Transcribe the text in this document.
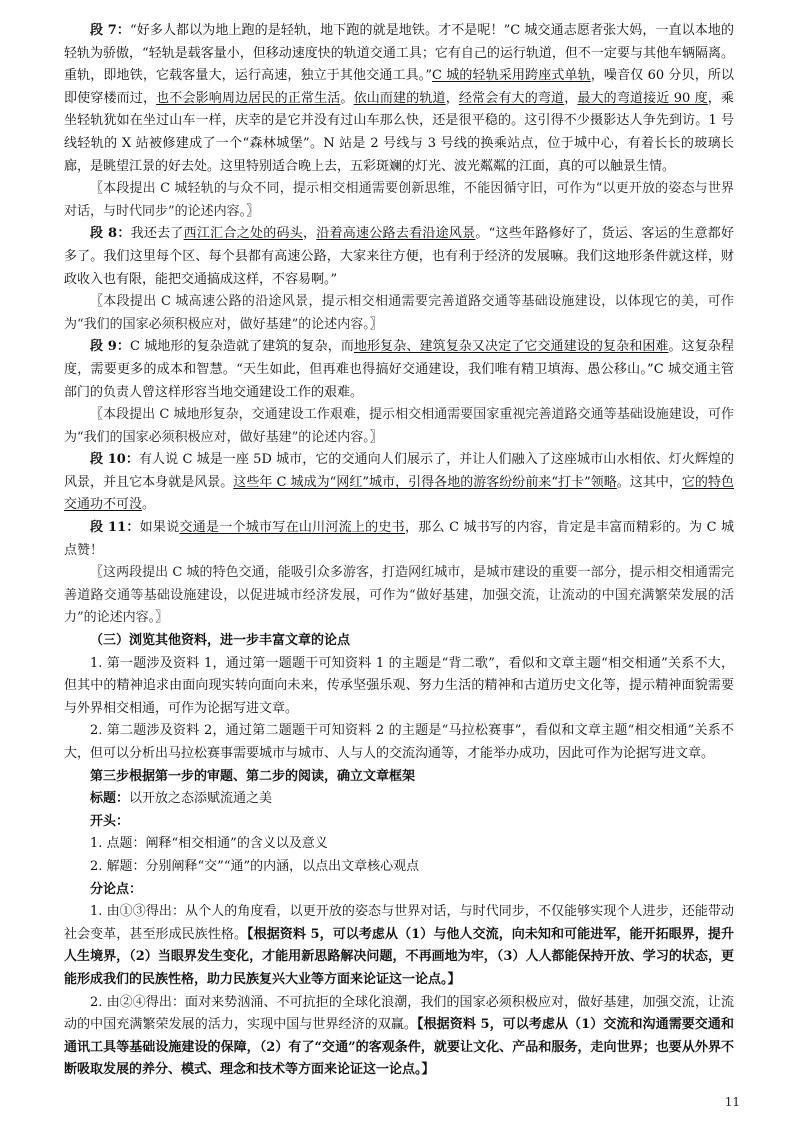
段 7：“好多人都以为地上跑的是轻轨，地下跑的就是地铁。才不是呢！”C 城交通志愿者张大妈，一直以本地的轻轨为骄傲，“轻轨是载客量小，但移动速度快的轨道交通工具；它有自己的运行轨道，但不一定要与其他车辆隔离。重轨，即地铁，它载客量大，运行高速，独立于其他交通工具。”C 城的轻轨采用跨座式单轨，噪音仅 60 分贝，所以即使穿楼而过，也不会影响周边居民的正常生活。依山而建的轨道，经常会有大的弯道，最大的弯道接近 90 度，乘坐轻轨犹如在坐过山车一样，庆幸的是它并没有过山车那么快，还是很平稳的。这引得不少摄影达人争先到访。1 号线轻轨的 X 站被修建成了一个“森林城堡”。N 站是 2 号线与 3 号线的换乘站点，位于城中心，有着长长的玻璃长廊，是眺望江景的好去处。这里特别适合晚上去，五彩斑斓的灯光、波光粼粼的江面，真的可以触景生情。

〖本段提出 C 城轻轨的与众不同，提示相交相通需要创新思维，不能因循守旧，可作为“以更开放的姿态与世界对话，与时代同步”的论述内容。〗

段 8：我还去了西江汇合之处的码头，沿着高速公路去看沿途风景。“这些年路修好了，货运、客运的生意都好多了。我们这里每个区、每个县都有高速公路，大家来往方便，也有利于经济的发展嘛。我们这地形条件就这样，财政收入也有限，能把交通搞成这样，不容易啊。”

〖本段提出 C 城高速公路的沿途风景，提示相交相通需要完善道路交通等基础设施建设，以体现它的美，可作为“我们的国家必须积极应对，做好基建”的论述内容。〗

段 9：C 城地形的复杂造就了建筑的复杂，而地形复杂、建筑复杂又决定了它交通建设的复杂和困难。这复杂程度，需要更多的成本和智慧。“天生如此，但再难也得搞好交通建设，我们唯有精卫填海、愚公移山。”C 城交通主管部门的负责人曾这样形容当地交通建设工作的艰难。

〖本段提出 C 城地形复杂，交通建设工作艰难，提示相交相通需要国家重视完善道路交通等基础设施建设，可作为“我们的国家必须积极应对，做好基建”的论述内容。〗

段 10：有人说 C 城是一座 5D 城市，它的交通向人们展示了，并让人们融入了这座城市山水相依、灯火辉煌的风景，并且它本身就是风景。这些年 C 城成为“网红”城市，引得各地的游客纷纷前来“打卡”领略。这其中，它的特色交通功不可没。

段 11：如果说交通是一个城市写在山川河流上的史书，那么 C 城书写的内容，肯定是丰富而精彩的。为 C 城点赞！

〖这两段提出 C 城的特色交通，能吸引众多游客，打造网红城市，是城市建设的重要一部分，提示相交相通需完善道路交通等基础设施建设，以促进城市经济发展，可作为“做好基建，加强交流，让流动的中国充满繁荣发展的活力”的论述内容。〗

（三）浏览其他资料，进一步丰富文章的论点

1. 第一题涉及资料 1，通过第一题题干可知资料 1 的主题是“背二歌”，看似和文章主题“相交相通”关系不大，但其中的精神追求由面向现实转向面向未来，传承坚强乐观、努力生活的精神和古道历史文化等，提示精神面貌需要与外界相交相通，可作为论据写进文章。

2. 第二题涉及资料 2，通过第二题题干可知资料 2 的主题是“马拉松赛事”，看似和文章主题“相交相通”关系不大，但可以分析出马拉松赛事需要城市与城市、人与人的交流沟通等，才能举办成功，因此可作为论据写进文章。

第三步根据第一步的审题、第二步的阅读，确立文章框架

标题：以开放之态添赋流通之美

开头：

1. 点题：阐释“相交相通”的含义以及意义

2. 解题：分别阐释“交”“通”的内涵，以点出文章核心观点

分论点：

1. 由①③得出：从个人的角度看，以更开放的姿态与世界对话，与时代同步，不仅能够实现个人进步，还能带动社会变革，甚至形成民族性格。【根据资料 5，可以考虑从（1）与他人交流，向未知和可能进军，能开拓眼界，提升人生境界，（2）当眼界发生变化，才能用新思路解决问题，不再画地为牢，（3）人人都能保持开放、学习的状态，更能形成我们的民族性格，助力民族复兴大业等方面来论证这一论点。】

2. 由②④得出：面对来势汹涌、不可抗拒的全球化浪潮，我们的国家必须积极应对，做好基建，加强交流，让流动的中国充满繁荣发展的活力，实现中国与世界经济的双赢。【根据资料 5，可以考虑从（1）交流和沟通需要交通和通讯工具等基础设施建设的保障，（2）有了“交通”的客观条件，就要让文化、产品和服务，走向世界；也要从外界不断吸取发展的养分、模式、理念和技术等方面来论证这一论点。】

11
